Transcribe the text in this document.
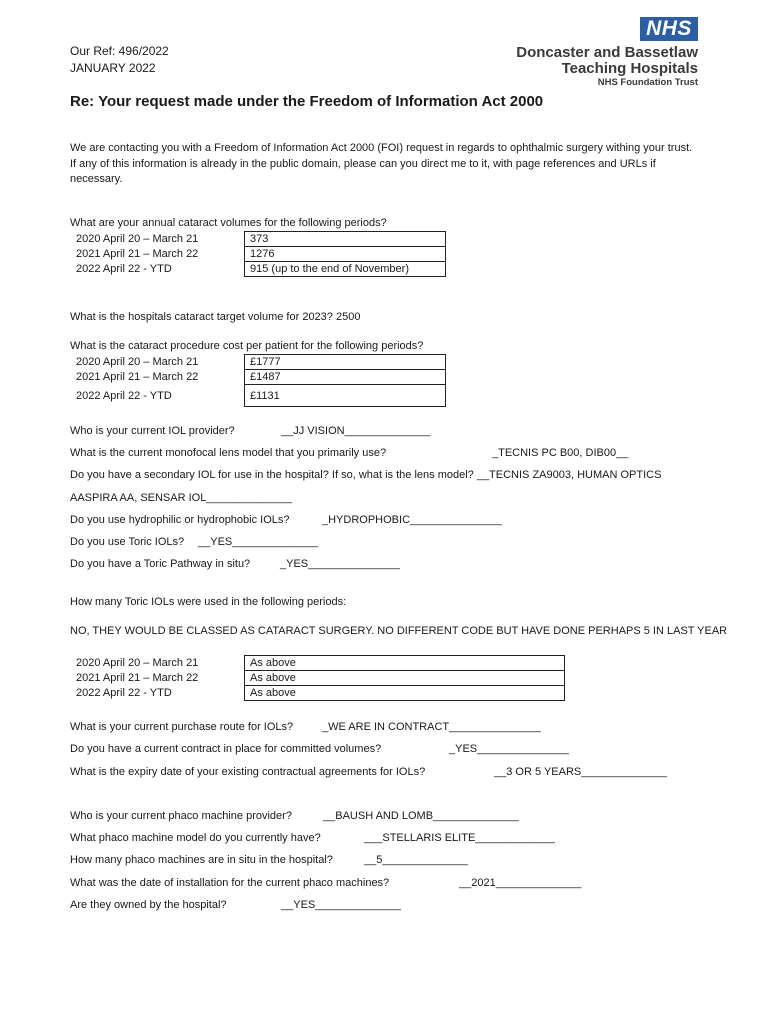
Our Ref: 496/2022
JANUARY 2022
NHS
Doncaster and Bassetlaw
Teaching Hospitals
NHS Foundation Trust
Re: Your request made under the Freedom of Information Act 2000
We are contacting you with a Freedom of Information Act 2000 (FOI) request in regards to ophthalmic surgery withing your trust. If any of this information is already in the public domain, please can you direct me to it, with page references and URLs if necessary.
What are your annual cataract volumes for the following periods?
2020 April 20 – March 21	373
2021 April 21 – March 22	1276
2022 April 22 - YTD	915 (up to the end of November)
What is the hospitals cataract target volume for 2023? 2500
What is the cataract procedure cost per patient for the following periods?
2020 April 20 – March 21	£1777
2021 April 21 – March 22	£1487
2022 April 22 - YTD	£1131
Who is your current IOL provider?	__JJ VISION______________
What is the current monofocal lens model that you primarily use?	_TECNIS PC B00, DIB00__
Do you have a secondary IOL for use in the hospital? If so, what is the lens model? __TECNIS ZA9003, HUMAN OPTICS
AASPIRA AA, SENSAR IOL______________
Do you use hydrophilic or hydrophobic IOLs?	_HYDROPHOBIC_______________
Do you use Toric IOLs? __YES______________
Do you have a Toric Pathway in situ?	_YES_______________
How many Toric IOLs were used in the following periods:
NO, THEY WOULD BE CLASSED AS CATARACT SURGERY. NO DIFFERENT CODE BUT HAVE DONE PERHAPS 5 IN LAST YEAR
2020 April 20 – March 21	As above
2021 April 21 – March 22	As above
2022 April 22 - YTD	As above
What is your current purchase route for IOLs?	_WE ARE IN CONTRACT_______________
Do you have a current contract in place for committed volumes?	_YES_______________
What is the expiry date of your existing contractual agreements for IOLs?	__3 OR 5 YEARS______________
Who is your current phaco machine provider?	__BAUSH AND LOMB______________
What phaco machine model do you currently have?	___STELLARIS ELITE_____________
How many phaco machines are in situ in the hospital?	__5______________
What was the date of installation for the current phaco machines?	__2021______________
Are they owned by the hospital?	__YES______________
